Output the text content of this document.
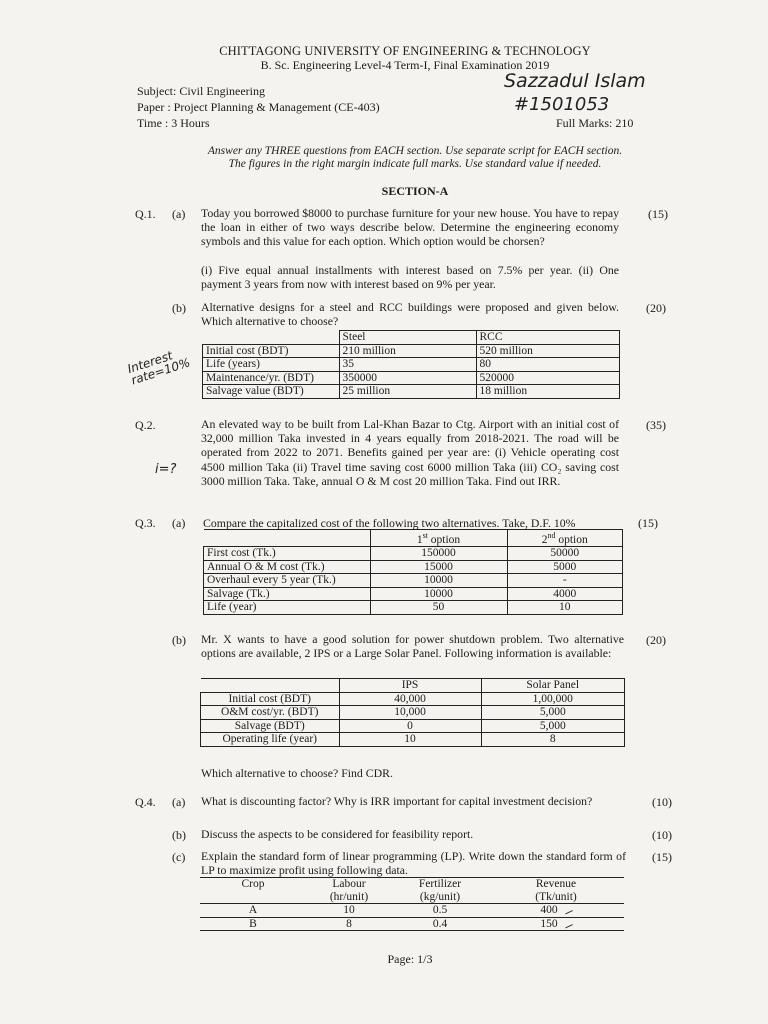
CHITTAGONG UNIVERSITY OF ENGINEERING & TECHNOLOGY
B. Sc. Engineering Level-4 Term-I, Final Examination 2019
Subject: Civil Engineering
Paper : Project Planning & Management (CE-403)
Time : 3 Hours
Sazzadul Islam
#1501053
Full Marks: 210
Answer any THREE questions from EACH section. Use separate script for EACH section.
The figures in the right margin indicate full marks. Use standard value if needed.
SECTION-A
Q.1. (a) Today you borrowed $8000 to purchase furniture for your new house. You have to repay the loan in either of two ways describe below. Determine the engineering economy symbols and this value for each option. Which option would be chorsen?
(i) Five equal annual installments with interest based on 7.5% per year. (ii) One payment 3 years from now with interest based on 9% per year.
(15)
(b) Alternative designs for a steel and RCC buildings were proposed and given below. Which alternative to choose?
(20)
Interest rate=10%
	Steel	RCC
Initial cost (BDT)	210 million	520 million
Life (years)	35	80
Maintenance/yr. (BDT)	350000	520000
Salvage value (BDT)	25 million	18 million
Q.2.	An elevated way to be built from Lal-Khan Bazar to Ctg. Airport with an initial cost of 32,000 million Taka invested in 4 years equally from 2018-2021. The road will be operated from 2022 to 2071. Benefits gained per year are: (i) Vehicle operating cost 4500 million Taka (ii) Travel time saving cost 6000 million Taka (iii) CO₂ saving cost 3000 million Taka. Take, annual O & M cost 20 million Taka. Find out IRR.
(35)
i=?
Q.3. (a) Compare the capitalized cost of the following two alternatives. Take, D.F. 10%	(15)
	1st option	2nd option
First cost (Tk.)	150000	50000
Annual O & M cost (Tk.)	15000	5000
Overhaul every 5 year (Tk.)	10000	-
Salvage (Tk.)	10000	4000
Life (year)	50	10
(b) Mr. X wants to have a good solution for power shutdown problem. Two alternative options are available, 2 IPS or a Large Solar Panel. Following information is available:
(20)
	IPS	Solar Panel
Initial cost (BDT)	40,000	1,00,000
O&M cost/yr. (BDT)	10,000	5,000
Salvage (BDT)	0	5,000
Operating life (year)	10	8
Which alternative to choose? Find CDR.
Q.4. (a) What is discounting factor? Why is IRR important for capital investment decision?	(10)
(b) Discuss the aspects to be considered for feasibility report.	(10)
(c) Explain the standard form of linear programming (LP). Write down the standard form of LP to maximize profit using following data.
(15)
Crop	Labour	Fertilizer	Revenue
	(hr/unit)	(kg/unit)	(Tk/unit)
A	10	0.5	400
B	8	0.4	150
Page: 1/3
